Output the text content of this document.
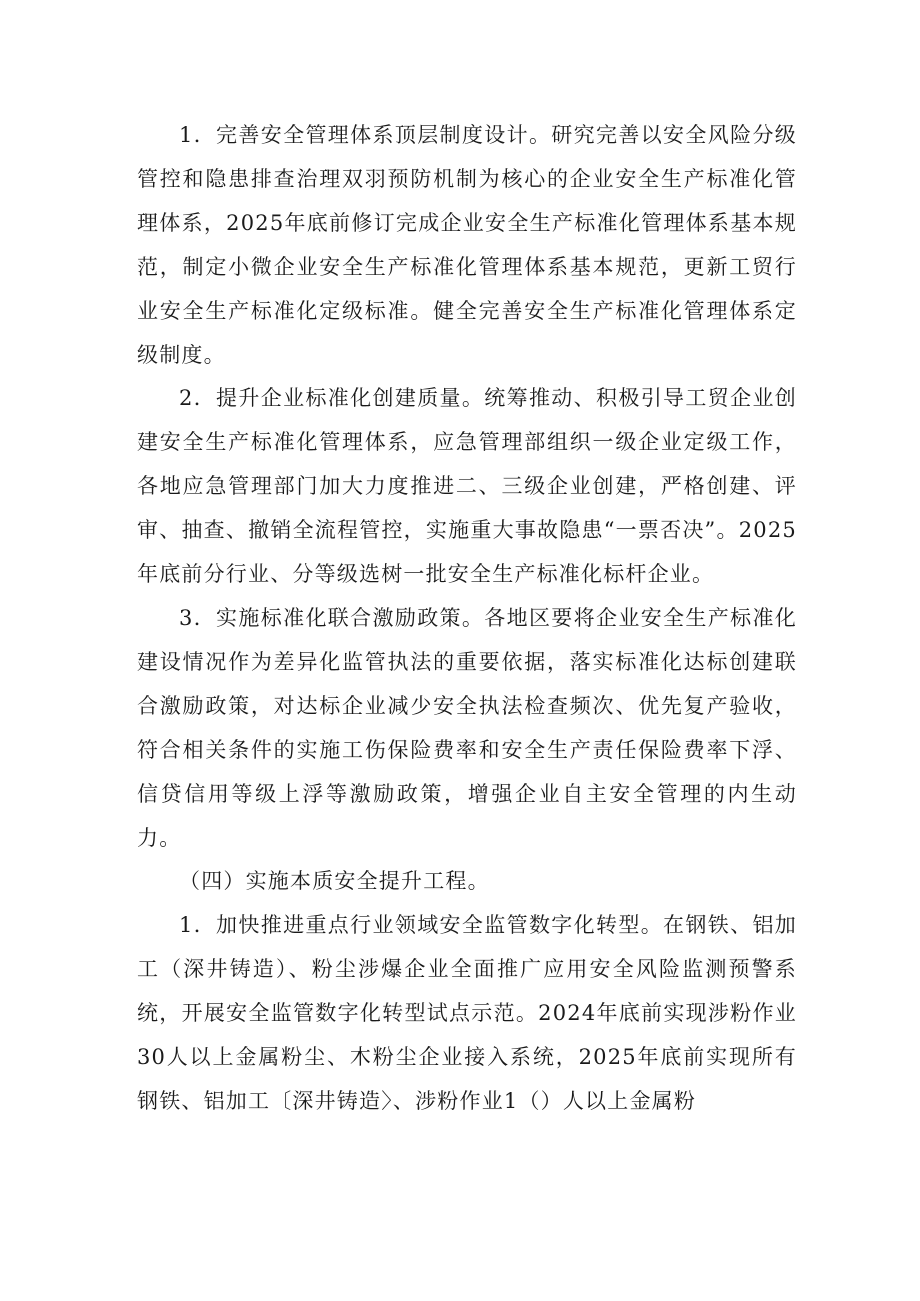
1．完善安全管理体系顶层制度设计。研究完善以安全风险分级管控和隐患排查治理双羽预防机制为核心的企业安全生产标准化管理体系，2025年底前修订完成企业安全生产标准化管理体系基本规范，制定小微企业安全生产标准化管理体系基本规范，更新工贸行业安全生产标准化定级标准。健全完善安全生产标准化管理体系定级制度。

2．提升企业标准化创建质量。统筹推动、积极引导工贸企业创建安全生产标准化管理体系，应急管理部组织一级企业定级工作，各地应急管理部门加大力度推进二、三级企业创建，严格创建、评审、抽查、撤销全流程管控，实施重大事故隐患“一票否决”。2025年底前分行业、分等级选树一批安全生产标准化标杆企业。

3．实施标准化联合激励政策。各地区要将企业安全生产标准化建设情况作为差异化监管执法的重要依据，落实标准化达标创建联合激励政策，对达标企业减少安全执法检查频次、优先复产验收，符合相关条件的实施工伤保险费率和安全生产责任保险费率下浮、信贷信用等级上浮等激励政策，增强企业自主安全管理的内生动力。

（四）实施本质安全提升工程。

1．加快推进重点行业领域安全监管数字化转型。在钢铁、铝加工（深井铸造）、粉尘涉爆企业全面推广应用安全风险监测预警系统，开展安全监管数字化转型试点示范。2024年底前实现涉粉作业30人以上金属粉尘、木粉尘企业接入系统，2025年底前实现所有钢铁、铝加工〔深井铸造〉、涉粉作业1（）人以上金属粉
